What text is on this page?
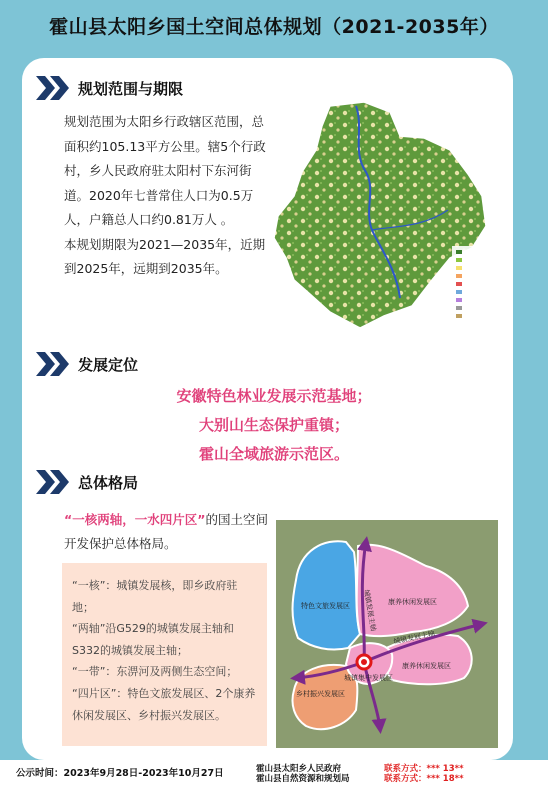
霍山县太阳乡国土空间总体规划（2021-2035年）
规划范围与期限

规划范围为太阳乡行政辖区范围，总面积约105.13平方公里。辖5个行政村，乡人民政府驻太阳村下东河街道。2020年七普常住人口为0.5万人，户籍总人口约0.81万人 。

本规划期限为2021—2035年，近期到2025年，远期到2035年。

发展定位
安徽特色林业发展示范基地；
大别山生态保护重镇；
霍山全域旅游示范区。
总体格局
“一核两轴，一水四片区”的国土空间开发保护总体格局。
“一核”：城镇发展核，即乡政府驻地；
“两轴”沿G529的城镇发展主轴和S332的城镇发展主轴；
“一带”：东淠河及两侧生态空间；
“四片区”：特色文旅发展区、2个康养休闲发展区、乡村振兴发展区。
特色文旅发展区	康养休闲发展区
康养休闲发展区
乡村振兴发展区
城镇集中发展区
城镇发展主轴
城镇发展主轴
公示时间：2023年9月28日-2023年10月27日	霍山县太阳乡人民政府
霍山县自然资源和规划局
联系方式：*** 13**
联系方式：*** 18**
